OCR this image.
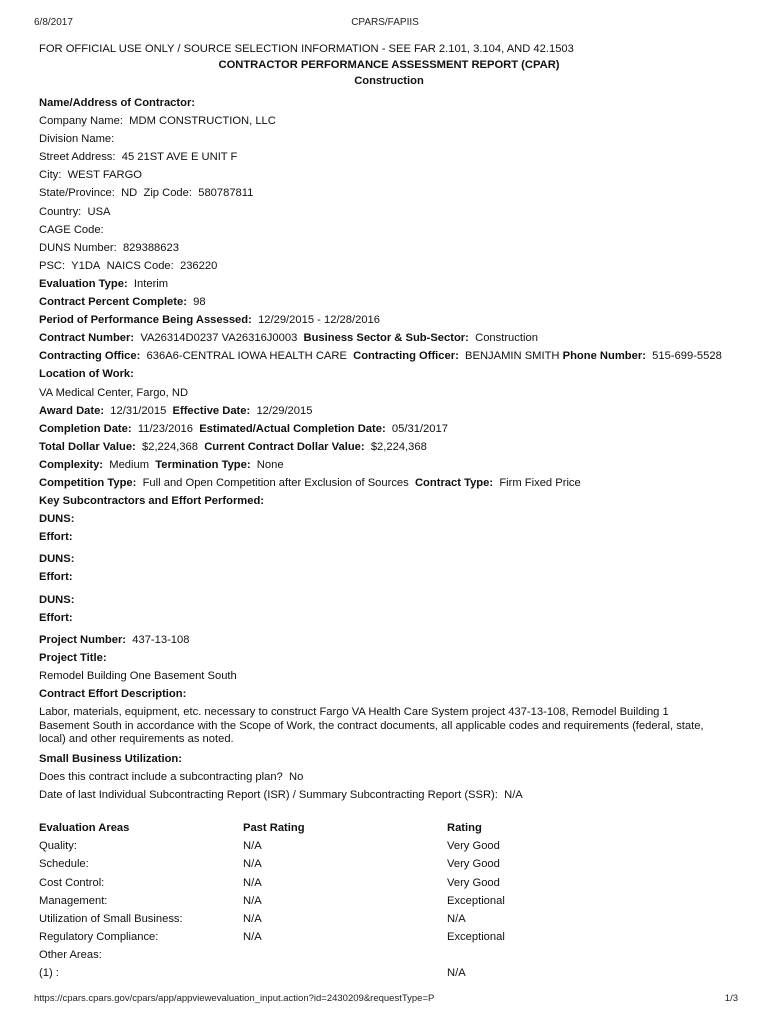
6/8/2017	CPARS/FAPIIS
FOR OFFICIAL USE ONLY / SOURCE SELECTION INFORMATION - SEE FAR 2.101, 3.104, AND 42.1503
CONTRACTOR PERFORMANCE ASSESSMENT REPORT (CPAR)
Construction
Name/Address of Contractor:
Company Name: MDM CONSTRUCTION, LLC
Division Name:
Street Address: 45 21ST AVE E UNIT F
City: WEST FARGO
State/Province: ND Zip Code: 580787811
Country: USA
CAGE Code:
DUNS Number: 829388623
PSC: Y1DA NAICS Code: 236220
Evaluation Type: Interim
Contract Percent Complete: 98
Period of Performance Being Assessed: 12/29/2015 - 12/28/2016
Contract Number: VA26314D0237 VA26316J0003 Business Sector & Sub-Sector: Construction
Contracting Office: 636A6-CENTRAL IOWA HEALTH CARE Contracting Officer: BENJAMIN SMITH Phone Number: 515-699-5528
Location of Work:
VA Medical Center, Fargo, ND
Award Date: 12/31/2015 Effective Date: 12/29/2015
Completion Date: 11/23/2016 Estimated/Actual Completion Date: 05/31/2017
Total Dollar Value: $2,224,368 Current Contract Dollar Value: $2,224,368
Complexity: Medium Termination Type: None
Competition Type: Full and Open Competition after Exclusion of Sources Contract Type: Firm Fixed Price
Key Subcontractors and Effort Performed:
DUNS:
Effort:
DUNS:
Effort:
DUNS:
Effort:
Project Number: 437-13-108
Project Title:
Remodel Building One Basement South
Contract Effort Description:
Labor, materials, equipment, etc. necessary to construct Fargo VA Health Care System project 437-13-108, Remodel Building 1 Basement South in accordance with the Scope of Work, the contract documents, all applicable codes and requirements (federal, state, local) and other requirements as noted.
Small Business Utilization:
Does this contract include a subcontracting plan? No
Date of last Individual Subcontracting Report (ISR) / Summary Subcontracting Report (SSR): N/A
Evaluation Areas	Past Rating	Rating
Quality:	N/A	Very Good
Schedule:	N/A	Very Good
Cost Control:	N/A	Very Good
Management:	N/A	Exceptional
Utilization of Small Business:	N/A	N/A
Regulatory Compliance:	N/A	Exceptional
Other Areas:		
(1) :		N/A
https://cpars.cpars.gov/cpars/app/appviewevaluation_input.action?id=2430209&requestType=P	1/3
